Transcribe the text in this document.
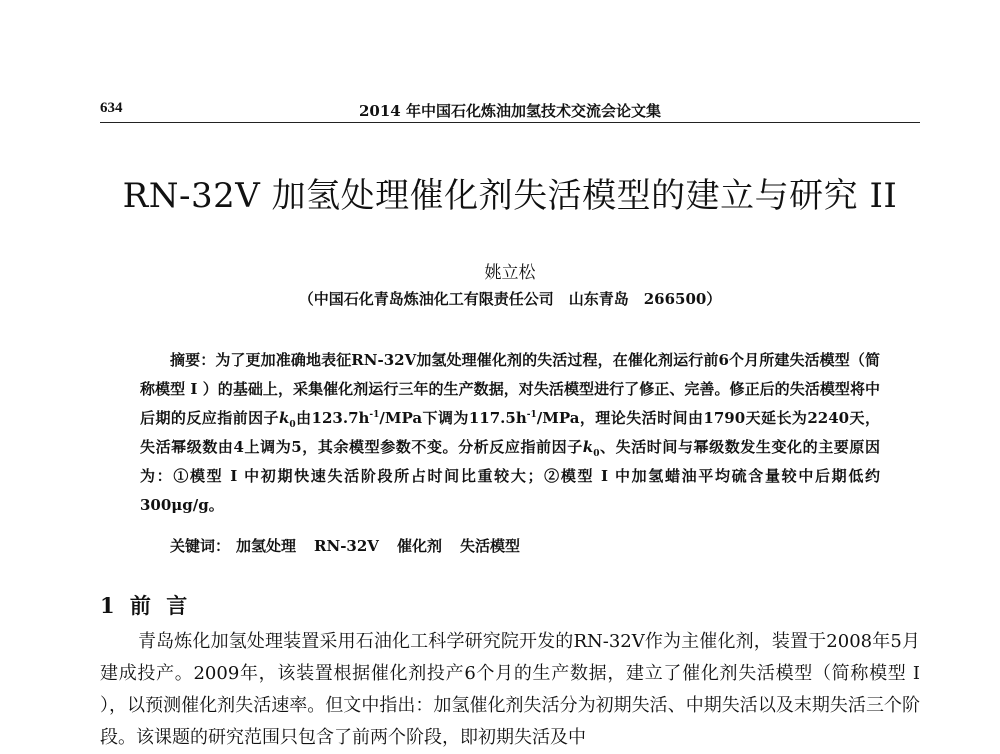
634	2014 年中国石化炼油加氢技术交流会论文集
RN-32V 加氢处理催化剂失活模型的建立与研究 II
姚立松
（中国石化青岛炼油化工有限责任公司　山东青岛　266500）
摘要：为了更加准确地表征RN-32V加氢处理催化剂的失活过程，在催化剂运行前6个月所建失活模型（简称模型 I ）的基础上，采集催化剂运行三年的生产数据，对失活模型进行了修正、完善。修正后的失活模型将中后期的反应指前因子$k_0$由$123.7h^{-1}$/MPa下调为$117.5h^{-1}$/MPa，理论失活时间由1790天延长为2240天，失活幂级数由4上调为5，其余模型参数不变。分析反应指前因子$k_0$、失活时间与幂级数发生变化的主要原因为：①模型 I 中初期快速失活阶段所占时间比重较大；②模型 I 中加氢蜡油平均硫含量较中后期低约300μg/g。
关键词： 加氢处理 RN-32V 催化剂 失活模型
1 前 言
青岛炼化加氢处理装置采用石油化工科学研究院开发的RN-32V作为主催化剂，装置于2008年5月建成投产。2009年，该装置根据催化剂投产6个月的生产数据，建立了催化剂失活模型（简称模型 I ），以预测催化剂失活速率。但文中指出：加氢催化剂失活分为初期失活、中期失活以及末期失活三个阶段。该课题的研究范围只包含了前两个阶段，即初期失活及中
